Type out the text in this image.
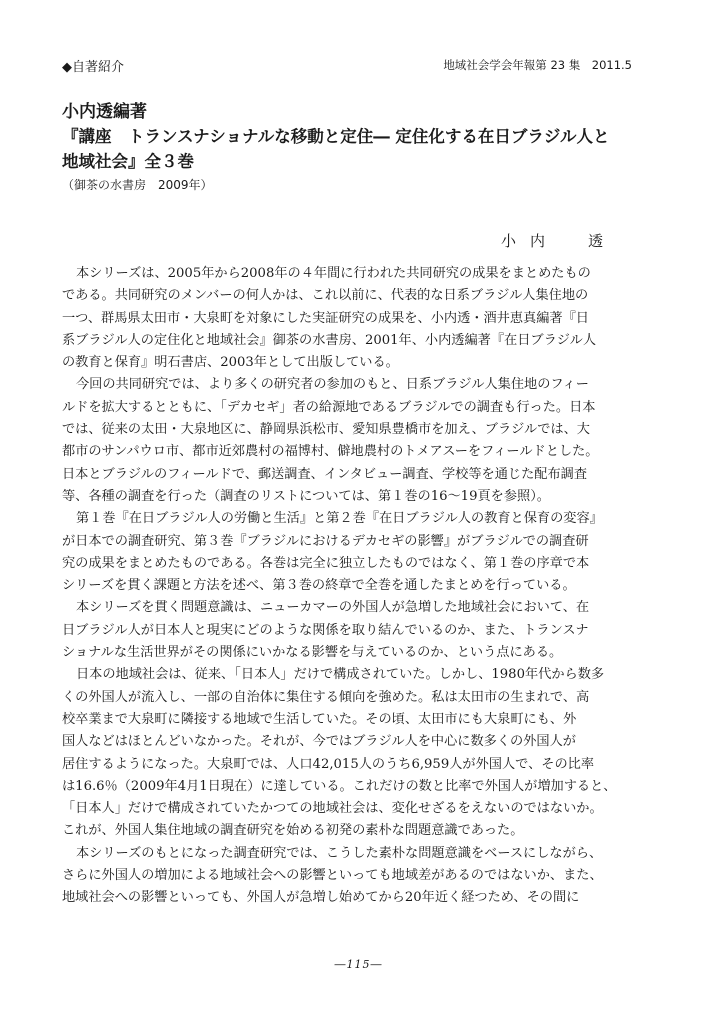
◆自著紹介	地域社会学会年報第 23 集　2011.5
小内透編著
『講座　トランスナショナルな移動と定住― 定住化する在日ブラジル人と
地域社会』全３巻
（御茶の水書房　2009年）
小内　透
本シリーズは、2005年から2008年の４年間に行われた共同研究の成果をまとめたもの
である。共同研究のメンバーの何人かは、これ以前に、代表的な日系ブラジル人集住地の
一つ、群馬県太田市・大泉町を対象にした実証研究の成果を、小内透・酒井恵真編著『日
系ブラジル人の定住化と地域社会』御茶の水書房、2001年、小内透編著『在日ブラジル人
の教育と保育』明石書店、2003年として出版している。
今回の共同研究では、より多くの研究者の参加のもと、日系ブラジル人集住地のフィー
ルドを拡大するとともに、「デカセギ」者の給源地であるブラジルでの調査も行った。日本
では、従来の太田・大泉地区に、静岡県浜松市、愛知県豊橋市を加え、ブラジルでは、大
都市のサンパウロ市、都市近郊農村の福博村、僻地農村のトメアスーをフィールドとした。
日本とブラジルのフィールドで、郵送調査、インタビュー調査、学校等を通じた配布調査
等、各種の調査を行った（調査のリストについては、第１巻の16～19頁を参照）。
第１巻『在日ブラジル人の労働と生活』と第２巻『在日ブラジル人の教育と保育の変容』
が日本での調査研究、第３巻『ブラジルにおけるデカセギの影響』がブラジルでの調査研
究の成果をまとめたものである。各巻は完全に独立したものではなく、第１巻の序章で本
シリーズを貫く課題と方法を述べ、第３巻の終章で全巻を通したまとめを行っている。
本シリーズを貫く問題意識は、ニューカマーの外国人が急増した地域社会において、在
日ブラジル人が日本人と現実にどのような関係を取り結んでいるのか、また、トランスナ
ショナルな生活世界がその関係にいかなる影響を与えているのか、という点にある。
日本の地域社会は、従来、「日本人」だけで構成されていた。しかし、1980年代から数多
くの外国人が流入し、一部の自治体に集住する傾向を強めた。私は太田市の生まれで、高
校卒業まで大泉町に隣接する地域で生活していた。その頃、太田市にも大泉町にも、外
国人などはほとんどいなかった。それが、今ではブラジル人を中心に数多くの外国人が
居住するようになった。大泉町では、人口42,015人のうち6,959人が外国人で、その比率
は16.6％（2009年4月1日現在）に達している。これだけの数と比率で外国人が増加すると、
「日本人」だけで構成されていたかつての地域社会は、変化せざるをえないのではないか。
これが、外国人集住地域の調査研究を始める初発の素朴な問題意識であった。
本シリーズのもとになった調査研究では、こうした素朴な問題意識をベースにしながら、
さらに外国人の増加による地域社会への影響といっても地域差があるのではないか、また、
地域社会への影響といっても、外国人が急増し始めてから20年近く経つため、その間に
―115―
